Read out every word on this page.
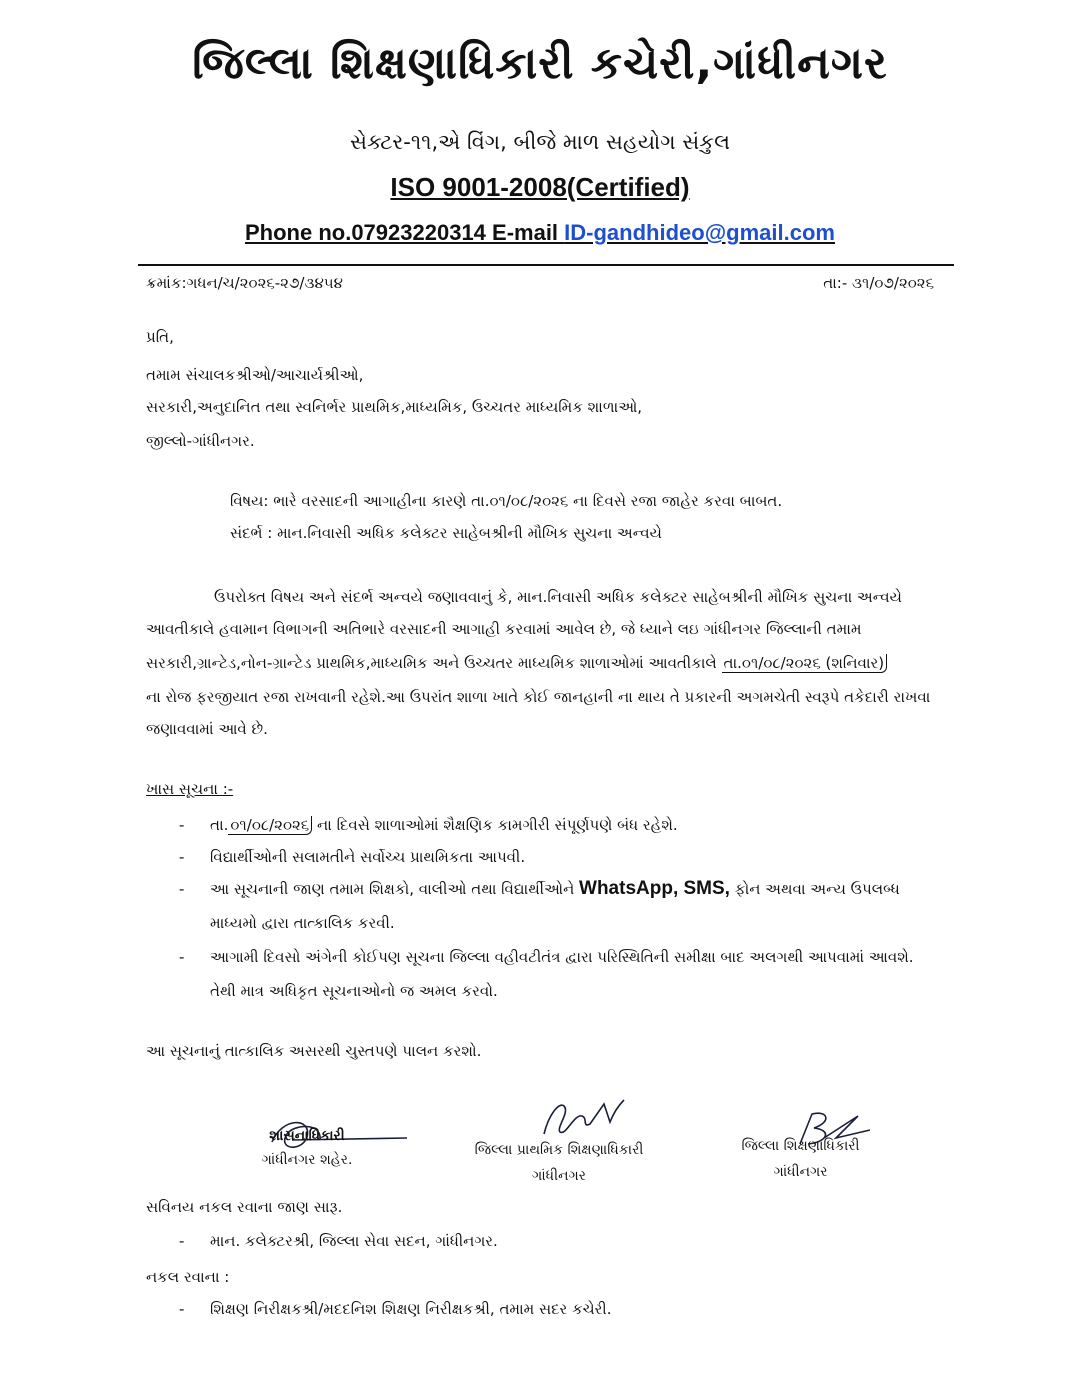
જિલ્લા શિક્ષણાધિકારી કચેરી,ગાંધીનગર
સેક્ટર-૧૧,એ વિંગ, બીજે માળ સહયોગ સંકુલ
ISO 9001-2008(Certified)
Phone no.07923220314 E-mail ID-gandhideo@gmail.com
ક્રમાંક:ગધન/ચ/૨૦૨૬-૨૭/૩૪૫૪	તા:- ૩૧/૦૭/૨૦૨૬
પ્રતિ,
તમામ સંચાલકશ્રીઓ/આચાર્યશ્રીઓ,
સરકારી,અનુદાનિત તથા સ્વનિર્ભર પ્રાથમિક,માધ્યમિક, ઉચ્ચતર માધ્યમિક શાળાઓ,
જીલ્લો-ગાંધીનગર.
વિષય: ભારે વરસાદની આગાહીના કારણે તા.૦૧/૦૮/૨૦૨૬ ના દિવસે રજા જાહેર કરવા બાબત.
સંદર્ભ : માન.નિવાસી અધિક કલેક્ટર સાહેબશ્રીની મૌખિક સુચના અન્વયે
ઉપરોક્ત વિષય અને સંદર્ભ અન્વયે જણાવવાનું કે, માન.નિવાસી અધિક કલેક્ટર સાહેબશ્રીની મૌખિક સુચના અન્વયે
આવતીકાલે હવામાન વિભાગની અતિભારે વરસાદની આગાહી કરવામાં આવેલ છે, જે ધ્યાને લઇ ગાંધીનગર જિલ્લાની તમામ
સરકારી,ગ્રાન્ટેડ,નોન-ગ્રાન્ટેડ પ્રાથમિક,માધ્યમિક અને ઉચ્ચતર માધ્યમિક શાળાઓમાં આવતીકાલે તા.૦૧/૦૮/૨૦૨૬ (શનિવાર)
ના રોજ ફરજીયાત રજા રાખવાની રહેશે.આ ઉપરાંત શાળા ખાતે કોઈ જાનહાની ના થાય તે પ્રકારની અગમચેતી સ્વરૂપે તકેદારી રાખવા
જણાવવામાં આવે છે.
ખાસ સૂચના :-
- તા. ૦૧/૦૮/૨૦૨૬ ના દિવસે શાળાઓમાં શૈક્ષણિક કામગીરી સંપૂર્ણપણે બંધ રહેશે.
- વિદ્યાર્થીઓની સલામતીને સર્વોચ્ચ પ્રાથમિકતા આપવી.
- આ સૂચનાની જાણ તમામ શિક્ષકો, વાલીઓ તથા વિદ્યાર્થીઓને WhatsApp, SMS, ફોન અથવા અન્ય ઉપલબ્ધ
માધ્યમો દ્વારા તાત્કાલિક કરવી.
- આગામી દિવસો અંગેની કોઈપણ સૂચના જિલ્લા વહીવટીતંત્ર દ્વારા પરિસ્થિતિની સમીક્ષા બાદ અલગથી આપવામાં આવશે.
તેથી માત્ર અધિકૃત સૂચનાઓનો જ અમલ કરવો.
આ સૂચનાનું તાત્કાલિક અસરથી ચુસ્તપણે પાલન કરશો.
શાસનાધિકારી
ગાંધીનગર શહેર.
જિલ્લા પ્રાથમિક શિક્ષણાધિકારી
ગાંધીનગર
જિલ્લા શિક્ષણાધિકારી
ગાંધીનગર
સવિનય નકલ રવાના જાણ સારૂ.
- માન. કલેક્ટરશ્રી, જિલ્લા સેવા સદન, ગાંધીનગર.
નકલ રવાના :
- શિક્ષણ નિરીક્ષકશ્રી/મદદનિશ શિક્ષણ નિરીક્ષકશ્રી, તમામ સદર કચેરી.
